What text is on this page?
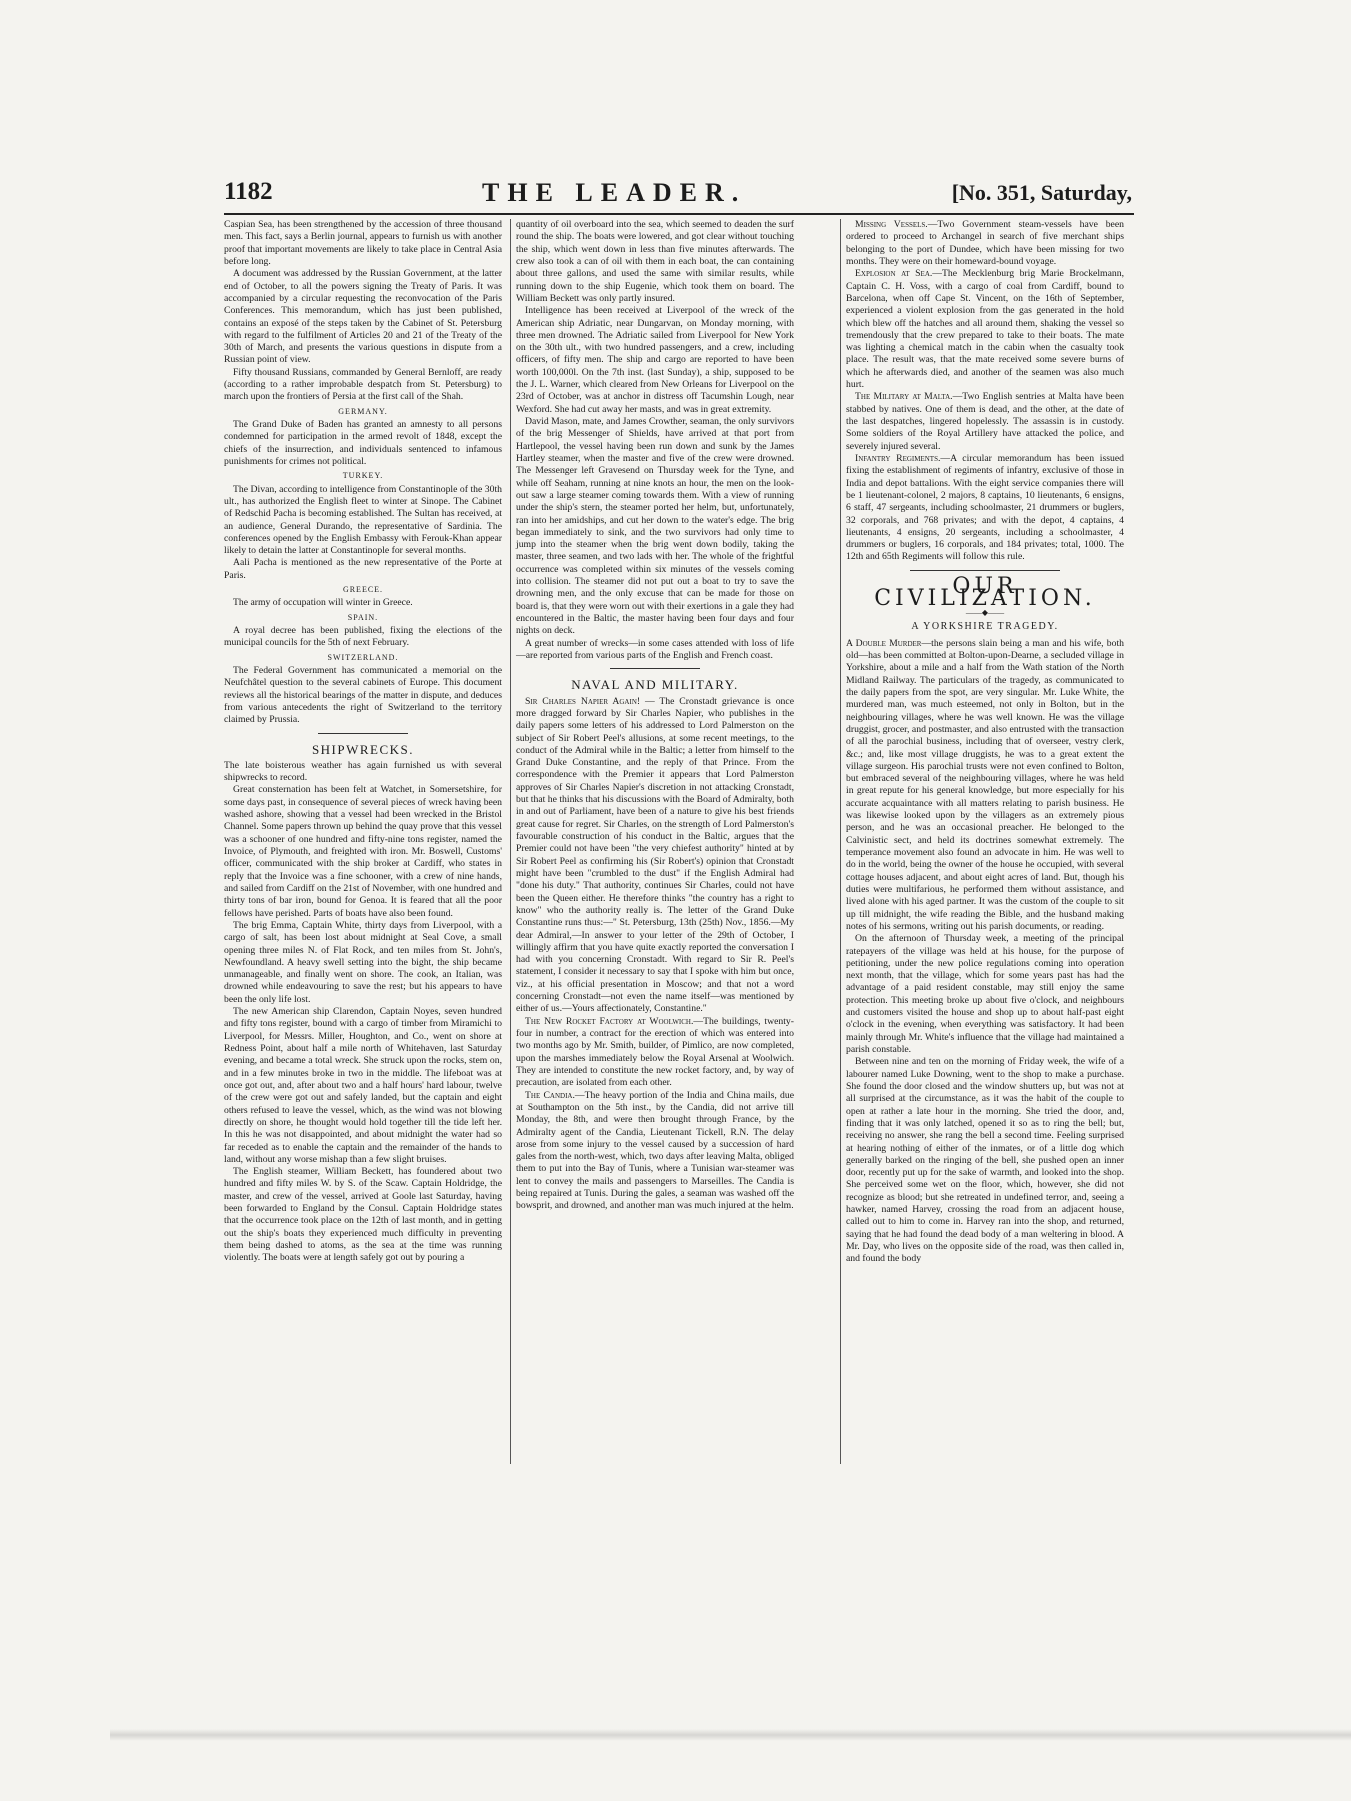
1182	THE LEADER.	[No. 351, Saturday,

Caspian Sea, has been strengthened by the accession of three thousand men. This fact, says a Berlin journal, appears to furnish us with another proof that important movements are likely to take place in Central Asia before long.

A document was addressed by the Russian Government, at the latter end of October, to all the powers signing the Treaty of Paris. It was accompanied by a circular requesting the reconvocation of the Paris Conferences. This memorandum, which has just been published, contains an exposé of the steps taken by the Cabinet of St. Petersburg with regard to the fulfilment of Articles 20 and 21 of the Treaty of the 30th of March, and presents the various questions in dispute from a Russian point of view.

Fifty thousand Russians, commanded by General Bernloff, are ready (according to a rather improbable despatch from St. Petersburg) to march upon the frontiers of Persia at the first call of the Shah.

GERMANY.

The Grand Duke of Baden has granted an amnesty to all persons condemned for participation in the armed revolt of 1848, except the chiefs of the insurrection, and individuals sentenced to infamous punishments for crimes not political.

TURKEY.

The Divan, according to intelligence from Constantinople of the 30th ult., has authorized the English fleet to winter at Sinope. The Cabinet of Redschid Pacha is becoming established. The Sultan has received, at an audience, General Durando, the representative of Sardinia. The conferences opened by the English Embassy with Ferouk-Khan appear likely to detain the latter at Constantinople for several months.

Aali Pacha is mentioned as the new representative of the Porte at Paris.

GREECE.

The army of occupation will winter in Greece.

SPAIN.

A royal decree has been published, fixing the elections of the municipal councils for the 5th of next February.

SWITZERLAND.

The Federal Government has communicated a memorial on the Neufchâtel question to the several cabinets of Europe. This document reviews all the historical bearings of the matter in dispute, and deduces from various antecedents the right of Switzerland to the territory claimed by Prussia.

SHIPWRECKS.

The late boisterous weather has again furnished us with several shipwrecks to record.

Great consternation has been felt at Watchet, in Somersetshire, for some days past, in consequence of several pieces of wreck having been washed ashore, showing that a vessel had been wrecked in the Bristol Channel. Some papers thrown up behind the quay prove that this vessel was a schooner of one hundred and fifty-nine tons register, named the Invoice, of Plymouth, and freighted with iron. Mr. Boswell, Customs' officer, communicated with the ship broker at Cardiff, who states in reply that the Invoice was a fine schooner, with a crew of nine hands, and sailed from Cardiff on the 21st of November, with one hundred and thirty tons of bar iron, bound for Genoa. It is feared that all the poor fellows have perished. Parts of boats have also been found.

The brig Emma, Captain White, thirty days from Liverpool, with a cargo of salt, has been lost about midnight at Seal Cove, a small opening three miles N. of Flat Rock, and ten miles from St. John's, Newfoundland. A heavy swell setting into the bight, the ship became unmanageable, and finally went on shore. The cook, an Italian, was drowned while endeavouring to save the rest; but his appears to have been the only life lost.

The new American ship Clarendon, Captain Noyes, seven hundred and fifty tons register, bound with a cargo of timber from Miramichi to Liverpool, for Messrs. Miller, Houghton, and Co., went on shore at Redness Point, about half a mile north of Whitehaven, last Saturday evening, and became a total wreck. She struck upon the rocks, stem on, and in a few minutes broke in two in the middle. The lifeboat was at once got out, and, after about two and a half hours' hard labour, twelve of the crew were got out and safely landed, but the captain and eight others refused to leave the vessel, which, as the wind was not blowing directly on shore, he thought would hold together till the tide left her. In this he was not disappointed, and about midnight the water had so far receded as to enable the captain and the remainder of the hands to land, without any worse mishap than a few slight bruises.

The English steamer, William Beckett, has foundered about two hundred and fifty miles W. by S. of the Scaw. Captain Holdridge, the master, and crew of the vessel, arrived at Goole last Saturday, having been forwarded to England by the Consul. Captain Holdridge states that the occurrence took place on the 12th of last month, and in getting out the ship's boats they experienced much difficulty in preventing them being dashed to atoms, as the sea at the time was running violently. The boats were at length safely got out by pouring a

quantity of oil overboard into the sea, which seemed to deaden the surf round the ship. The boats were lowered, and got clear without touching the ship, which went down in less than five minutes afterwards. The crew also took a can of oil with them in each boat, the can containing about three gallons, and used the same with similar results, while running down to the ship Eugenie, which took them on board. The William Beckett was only partly insured.

Intelligence has been received at Liverpool of the wreck of the American ship Adriatic, near Dungarvan, on Monday morning, with three men drowned. The Adriatic sailed from Liverpool for New York on the 30th ult., with two hundred passengers, and a crew, including officers, of fifty men. The ship and cargo are reported to have been worth 100,000l. On the 7th inst. (last Sunday), a ship, supposed to be the J. L. Warner, which cleared from New Orleans for Liverpool on the 23rd of October, was at anchor in distress off Tacumshin Lough, near Wexford. She had cut away her masts, and was in great extremity.

David Mason, mate, and James Crowther, seaman, the only survivors of the brig Messenger of Shields, have arrived at that port from Hartlepool, the vessel having been run down and sunk by the James Hartley steamer, when the master and five of the crew were drowned. The Messenger left Gravesend on Thursday week for the Tyne, and while off Seaham, running at nine knots an hour, the men on the look-out saw a large steamer coming towards them. With a view of running under the ship's stern, the steamer ported her helm, but, unfortunately, ran into her amidships, and cut her down to the water's edge. The brig began immediately to sink, and the two survivors had only time to jump into the steamer when the brig went down bodily, taking the master, three seamen, and two lads with her. The whole of the frightful occurrence was completed within six minutes of the vessels coming into collision. The steamer did not put out a boat to try to save the drowning men, and the only excuse that can be made for those on board is, that they were worn out with their exertions in a gale they had encountered in the Baltic, the master having been four days and four nights on deck.

A great number of wrecks—in some cases attended with loss of life—are reported from various parts of the English and French coast.

NAVAL AND MILITARY.

Sir Charles Napier Again! — The Cronstadt grievance is once more dragged forward by Sir Charles Napier, who publishes in the daily papers some letters of his addressed to Lord Palmerston on the subject of Sir Robert Peel's allusions, at some recent meetings, to the conduct of the Admiral while in the Baltic; a letter from himself to the Grand Duke Constantine, and the reply of that Prince. From the correspondence with the Premier it appears that Lord Palmerston approves of Sir Charles Napier's discretion in not attacking Cronstadt, but that he thinks that his discussions with the Board of Admiralty, both in and out of Parliament, have been of a nature to give his best friends great cause for regret. Sir Charles, on the strength of Lord Palmerston's favourable construction of his conduct in the Baltic, argues that the Premier could not have been "the very chiefest authority" hinted at by Sir Robert Peel as confirming his (Sir Robert's) opinion that Cronstadt might have been "crumbled to the dust" if the English Admiral had "done his duty." That authority, continues Sir Charles, could not have been the Queen either. He therefore thinks "the country has a right to know" who the authority really is. The letter of the Grand Duke Constantine runs thus:—" St. Petersburg, 13th (25th) Nov., 1856.—My dear Admiral,—In answer to your letter of the 29th of October, I willingly affirm that you have quite exactly reported the conversation I had with you concerning Cronstadt. With regard to Sir R. Peel's statement, I consider it necessary to say that I spoke with him but once, viz., at his official presentation in Moscow; and that not a word concerning Cronstadt—not even the name itself—was mentioned by either of us.—Yours affectionately, Constantine."

The New Rocket Factory at Woolwich.—The buildings, twenty-four in number, a contract for the erection of which was entered into two months ago by Mr. Smith, builder, of Pimlico, are now completed, upon the marshes immediately below the Royal Arsenal at Woolwich. They are intended to constitute the new rocket factory, and, by way of precaution, are isolated from each other.

The Candia.—The heavy portion of the India and China mails, due at Southampton on the 5th inst., by the Candia, did not arrive till Monday, the 8th, and were then brought through France, by the Admiralty agent of the Candia, Lieutenant Tickell, R.N. The delay arose from some injury to the vessel caused by a succession of hard gales from the north-west, which, two days after leaving Malta, obliged them to put into the Bay of Tunis, where a Tunisian war-steamer was lent to convey the mails and passengers to Marseilles. The Candia is being repaired at Tunis. During the gales, a seaman was washed off the bowsprit, and drowned, and another man was much injured at the helm.

Missing Vessels.—Two Government steam-vessels have been ordered to proceed to Archangel in search of five merchant ships belonging to the port of Dundee, which have been missing for two months. They were on their homeward-bound voyage.

Explosion at Sea.—The Mecklenburg brig Marie Brockelmann, Captain C. H. Voss, with a cargo of coal from Cardiff, bound to Barcelona, when off Cape St. Vincent, on the 16th of September, experienced a violent explosion from the gas generated in the hold which blew off the hatches and all around them, shaking the vessel so tremendously that the crew prepared to take to their boats. The mate was lighting a chemical match in the cabin when the casualty took place. The result was, that the mate received some severe burns of which he afterwards died, and another of the seamen was also much hurt.

The Military at Malta.—Two English sentries at Malta have been stabbed by natives. One of them is dead, and the other, at the date of the last despatches, lingered hopelessly. The assassin is in custody. Some soldiers of the Royal Artillery have attacked the police, and severely injured several.

Infantry Regiments.—A circular memorandum has been issued fixing the establishment of regiments of infantry, exclusive of those in India and depot battalions. With the eight service companies there will be 1 lieutenant-colonel, 2 majors, 8 captains, 10 lieutenants, 6 ensigns, 6 staff, 47 sergeants, including schoolmaster, 21 drummers or buglers, 32 corporals, and 768 privates; and with the depot, 4 captains, 4 lieutenants, 4 ensigns, 20 sergeants, including a schoolmaster, 4 drummers or buglers, 16 corporals, and 184 privates; total, 1000. The 12th and 65th Regiments will follow this rule.

OUR CIVILIZATION.
——◆——
A YORKSHIRE TRAGEDY.

A Double Murder—the persons slain being a man and his wife, both old—has been committed at Bolton-upon-Dearne, a secluded village in Yorkshire, about a mile and a half from the Wath station of the North Midland Railway. The particulars of the tragedy, as communicated to the daily papers from the spot, are very singular. Mr. Luke White, the murdered man, was much esteemed, not only in Bolton, but in the neighbouring villages, where he was well known. He was the village druggist, grocer, and postmaster, and also entrusted with the transaction of all the parochial business, including that of overseer, vestry clerk, &c.; and, like most village druggists, he was to a great extent the village surgeon. His parochial trusts were not even confined to Bolton, but embraced several of the neighbouring villages, where he was held in great repute for his general knowledge, but more especially for his accurate acquaintance with all matters relating to parish business. He was likewise looked upon by the villagers as an extremely pious person, and he was an occasional preacher. He belonged to the Calvinistic sect, and held its doctrines somewhat extremely. The temperance movement also found an advocate in him. He was well to do in the world, being the owner of the house he occupied, with several cottage houses adjacent, and about eight acres of land. But, though his duties were multifarious, he performed them without assistance, and lived alone with his aged partner. It was the custom of the couple to sit up till midnight, the wife reading the Bible, and the husband making notes of his sermons, writing out his parish documents, or reading.

On the afternoon of Thursday week, a meeting of the principal ratepayers of the village was held at his house, for the purpose of petitioning, under the new police regulations coming into operation next month, that the village, which for some years past has had the advantage of a paid resident constable, may still enjoy the same protection. This meeting broke up about five o'clock, and neighbours and customers visited the house and shop up to about half-past eight o'clock in the evening, when everything was satisfactory. It had been mainly through Mr. White's influence that the village had maintained a parish constable.

Between nine and ten on the morning of Friday week, the wife of a labourer named Luke Downing, went to the shop to make a purchase. She found the door closed and the window shutters up, but was not at all surprised at the circumstance, as it was the habit of the couple to open at rather a late hour in the morning. She tried the door, and, finding that it was only latched, opened it so as to ring the bell; but, receiving no answer, she rang the bell a second time. Feeling surprised at hearing nothing of either of the inmates, or of a little dog which generally barked on the ringing of the bell, she pushed open an inner door, recently put up for the sake of warmth, and looked into the shop. She perceived some wet on the floor, which, however, she did not recognize as blood; but she retreated in undefined terror, and, seeing a hawker, named Harvey, crossing the road from an adjacent house, called out to him to come in. Harvey ran into the shop, and returned, saying that he had found the dead body of a man weltering in blood. A Mr. Day, who lives on the opposite side of the road, was then called in, and found the body
